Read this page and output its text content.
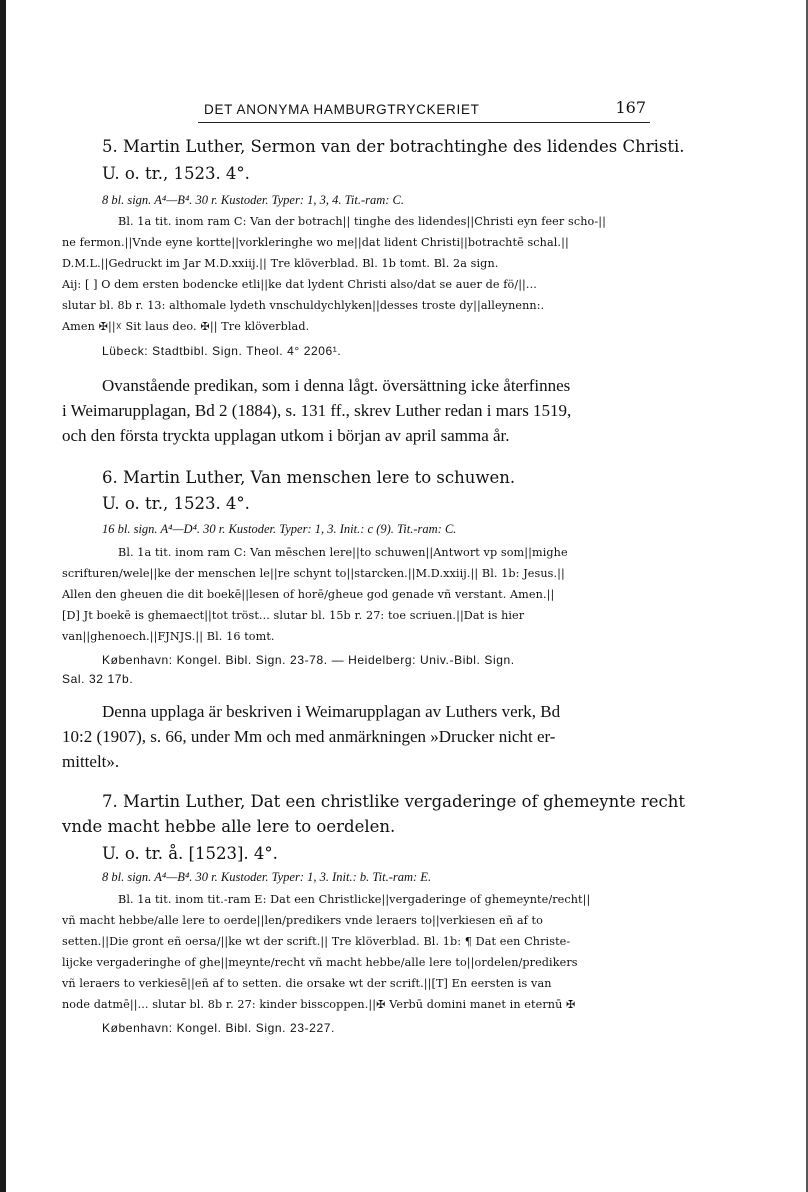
DET ANONYMA HAMBURGTRYCKERIET	167
5. Martin Luther, Sermon van der botrachtinghe des lidendes Christi.
U. o. tr., 1523. 4°.
8 bl. sign. A⁴—B⁴. 30 r. Kustoder. Typer: 1, 3, 4. Tit.-ram: C.
Bl. 1a tit. inom ram C: Van der botrach|| tinghe des lidendes||Christi eyn feer scho-||
ne fermon.||Vnde eyne kortte||vorkleringhe wo me||dat lident Christi||botrachtē schal.||
D.M.L.||Gedruckt im Jar M.D.xxiij.|| Tre klöverblad. Bl. 1b tomt. Bl. 2a sign.
Aij: [ ] O dem ersten bodencke etli||ke dat lydent Christi also/dat se auer de fö/||...
slutar bl. 8b r. 13: althomale lydeth vnschuldychlyken||desses troste dy||alleynenn:.
Amen ✠||☓ Sit laus deo. ✠|| Tre klöverblad.
Lübeck: Stadtbibl. Sign. Theol. 4° 2206¹.
Ovanstående predikan, som i denna lågt. översättning icke återfinnes
i Weimarupplagan, Bd 2 (1884), s. 131 ff., skrev Luther redan i mars 1519,
och den första tryckta upplagan utkom i början av april samma år.
6. Martin Luther, Van menschen lere to schuwen.
U. o. tr., 1523. 4°.
16 bl. sign. A⁴—D⁴. 30 r. Kustoder. Typer: 1, 3. Init.: c (9). Tit.-ram: C.
Bl. 1a tit. inom ram C: Van mēschen lere||to schuwen||Antwort vp som||mighe
scrifturen/wele||ke der menschen le||re schynt to||starcken.||M.D.xxiij.|| Bl. 1b: Jesus.||
Allen den gheuen die dit boekē||lesen of horē/gheue god genade vñ verstant. Amen.||
[D] Jt boekē is ghemaect||tot tröst... slutar bl. 15b r. 27: toe scriuen.||Dat is hier
van||ghenoech.||FJNJS.|| Bl. 16 tomt.
København: Kongel. Bibl. Sign. 23-78. — Heidelberg: Univ.-Bibl. Sign.
Sal. 32 17b.
Denna upplaga är beskriven i Weimarupplagan av Luthers verk, Bd
10:2 (1907), s. 66, under Mm och med anmärkningen »Drucker nicht er-
mittelt».
7. Martin Luther, Dat een christlike vergaderinge of ghemeynte recht
vnde macht hebbe alle lere to oerdelen.
U. o. tr. å. [1523]. 4°.
8 bl. sign. A⁴—B⁴. 30 r. Kustoder. Typer: 1, 3. Init.: b. Tit.-ram: E.
Bl. 1a tit. inom tit.-ram E: Dat een Christlicke||vergaderinge of ghemeynte/recht||
vñ macht hebbe/alle lere to oerde||len/predikers vnde leraers to||verkiesen eñ af to
setten.||Die gront eñ oersa/||ke wt der scrift.|| Tre klöverblad. Bl. 1b: ¶ Dat een Christe-
lijcke vergaderinghe of ghe||meynte/recht vñ macht hebbe/alle lere to||ordelen/predikers
vñ leraers to verkiesē||eñ af to setten. die orsake wt der scrift.||[T] En eersten is van
node datmē||... slutar bl. 8b r. 27: kinder bisscoppen.||✠ Verbū domini manet in eternū ✠
København: Kongel. Bibl. Sign. 23-227.
